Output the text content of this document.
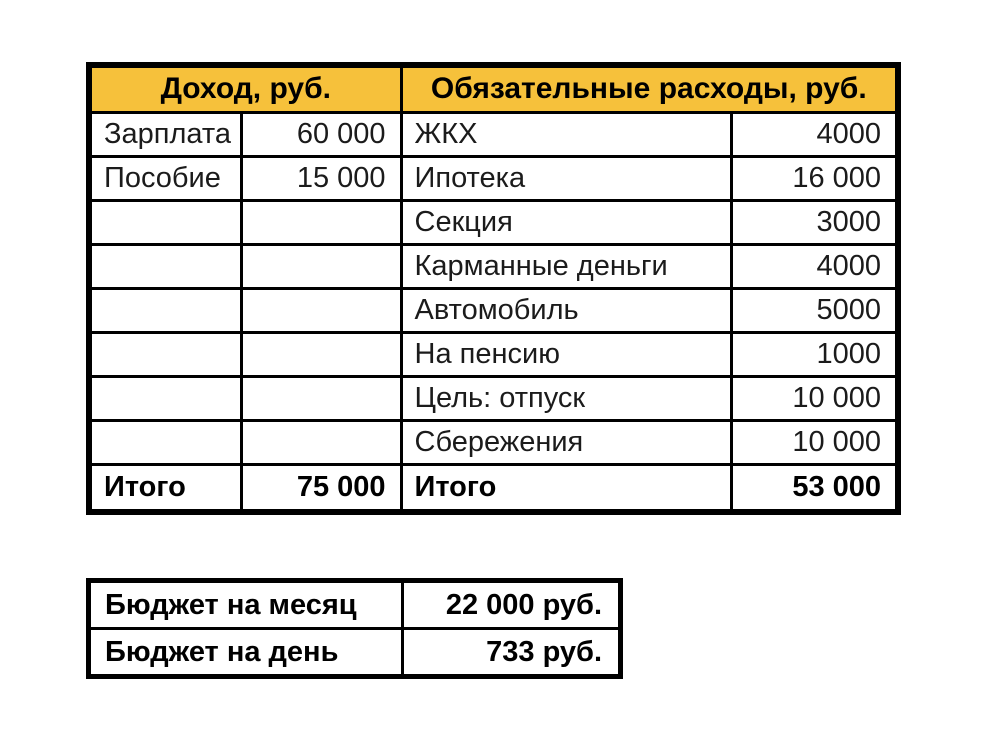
Доход, руб.		Обязательные расходы, руб.	
Зарплата	60 000	ЖКХ	4000
Пособие	15 000	Ипотека	16 000
		Секция	3000
		Карманные деньги	4000
		Автомобиль	5000
		На пенсию	1000
		Цель: отпуск	10 000
		Сбережения	10 000
Итого	75 000	Итого	53 000
Бюджет на месяц	22 000 руб.
Бюджет на день	733 руб.
